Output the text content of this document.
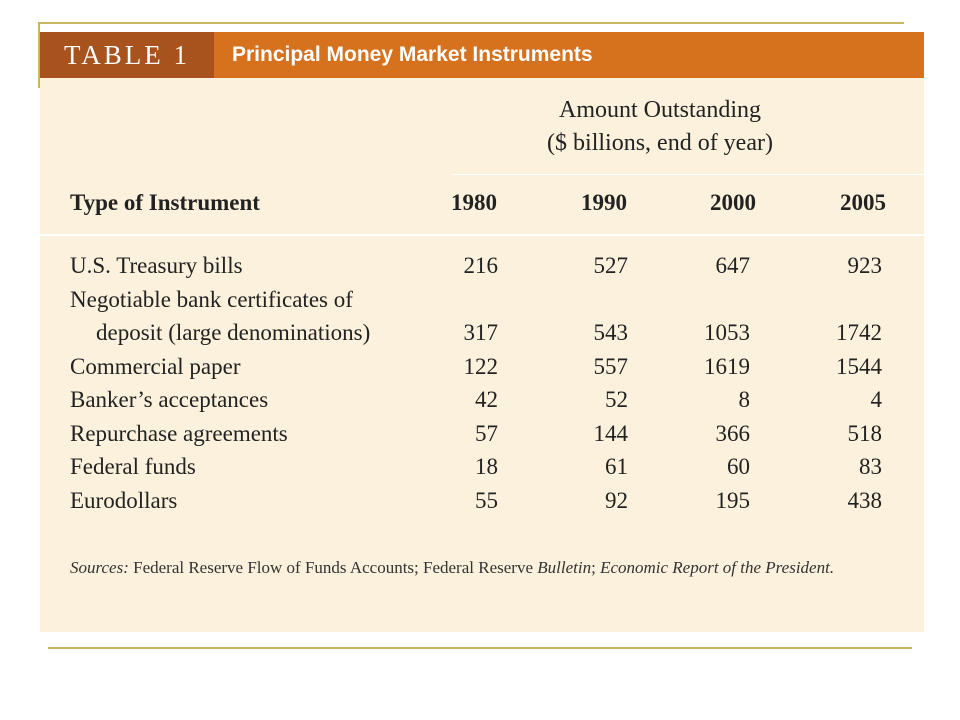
TABLE 1	Principal Money Market Instruments
Amount Outstanding
($ billions, end of year)
Type of Instrument	1980	1990	2000	2005
U.S. Treasury bills	216	527	647	923
Negotiable bank certificates of
deposit (large denominations)	317	543	1053	1742
Commercial paper	122	557	1619	1544
Banker’s acceptances	42	52	8	4
Repurchase agreements	57	144	366	518
Federal funds	18	61	60	83
Eurodollars	55	92	195	438
Sources: Federal Reserve Flow of Funds Accounts; Federal Reserve Bulletin; Economic Report of the President.
